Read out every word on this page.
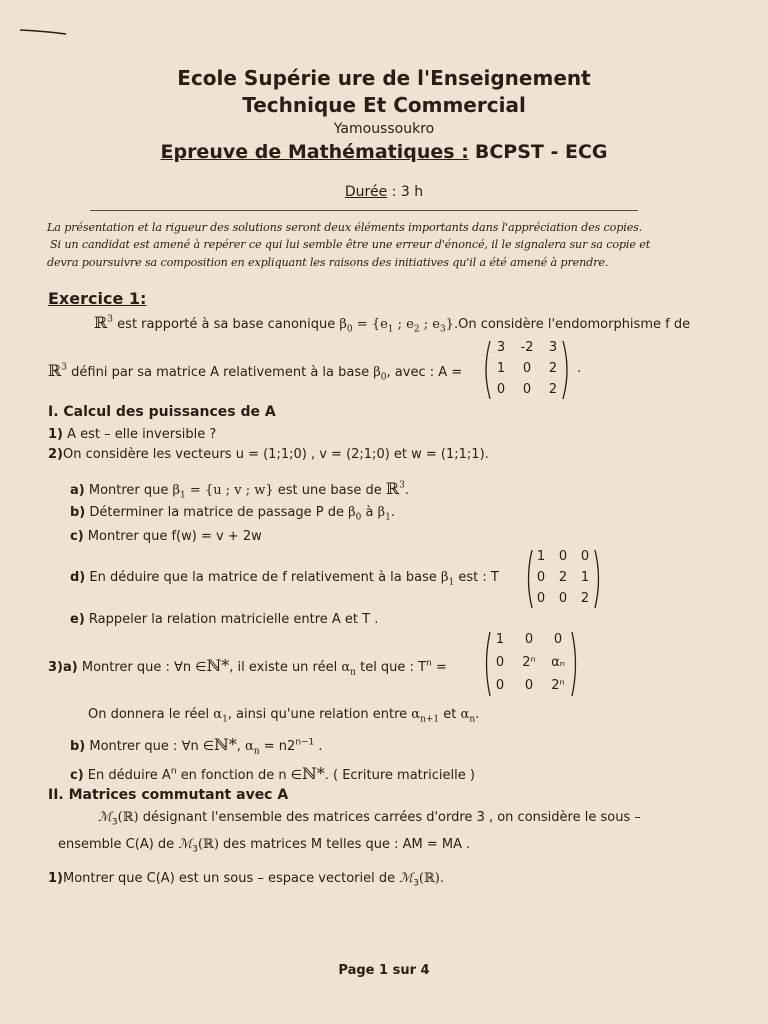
Ecole Supérie ure de l'Enseignement
Technique Et Commercial
Yamoussoukro
Epreuve de Mathématiques : BCPST - ECG
Durée : 3 h
La présentation et la rigueur des solutions seront deux éléments importants dans l'appréciation des copies.
Si un candidat est amené à repérer ce qui lui semble être une erreur d'énoncé, il le signalera sur sa copie et
devra poursuivre sa composition en expliquant les raisons des initiatives qu'il a été amené à prendre.
Exercice 1:
ℝ$^3$ est rapporté à sa base canonique $\beta_0 = \{e_1$ ; $e_2$ ; $e_3\}.On$ considère l'endomorphisme f de
ℝ$^3$ défini par sa matrice A relativement à la base $\beta_0$, avec : A =
3	-2	3
1	0	2
0	0	2
.
I. Calcul des puissances de A
1) A est – elle inversible ?
2)On considère les vecteurs u = (1;1;0) , v = (2;1;0) et w = (1;1;1).
a) Montrer que $\beta_1 = \{u$ ; v ; w} est une base de ℝ$^3$.
b) Déterminer la matrice de passage P de $\beta_0$ à $\beta_1$.
c) Montrer que f(w) = v + 2w
d) En déduire que la matrice de f relativement à la base $\beta_1$ est : T
1	0	0
0	2	1
0	0	2
e) Rappeler la relation matricielle entre A et T .
3)a) Montrer que : ∀n ∈ℕ*, il existe un réel $\alpha_n$ tel que : $T^n$ =
1	0	0
0	2ⁿ	αₙ
0	0	2ⁿ
On donnera le réel $\alpha_1$, ainsi qu'une relation entre $\alpha_{n+1}$ et $\alpha_n$.
b) Montrer que : ∀n ∈ℕ*, $\alpha_n = n2^{n-1}$ .
c) En déduire $A^n$ en fonction de n ∈ℕ*. ( Ecriture matricielle )
II. Matrices commutant avec A
ℳ$_3$(ℝ) désignant l'ensemble des matrices carrées d'ordre 3 , on considère le sous –
ensemble C(A) de ℳ$_3$(ℝ) des matrices M telles que : AM = MA .
1)Montrer que C(A) est un sous – espace vectoriel de ℳ$_3$(ℝ).
Page 1 sur 4
